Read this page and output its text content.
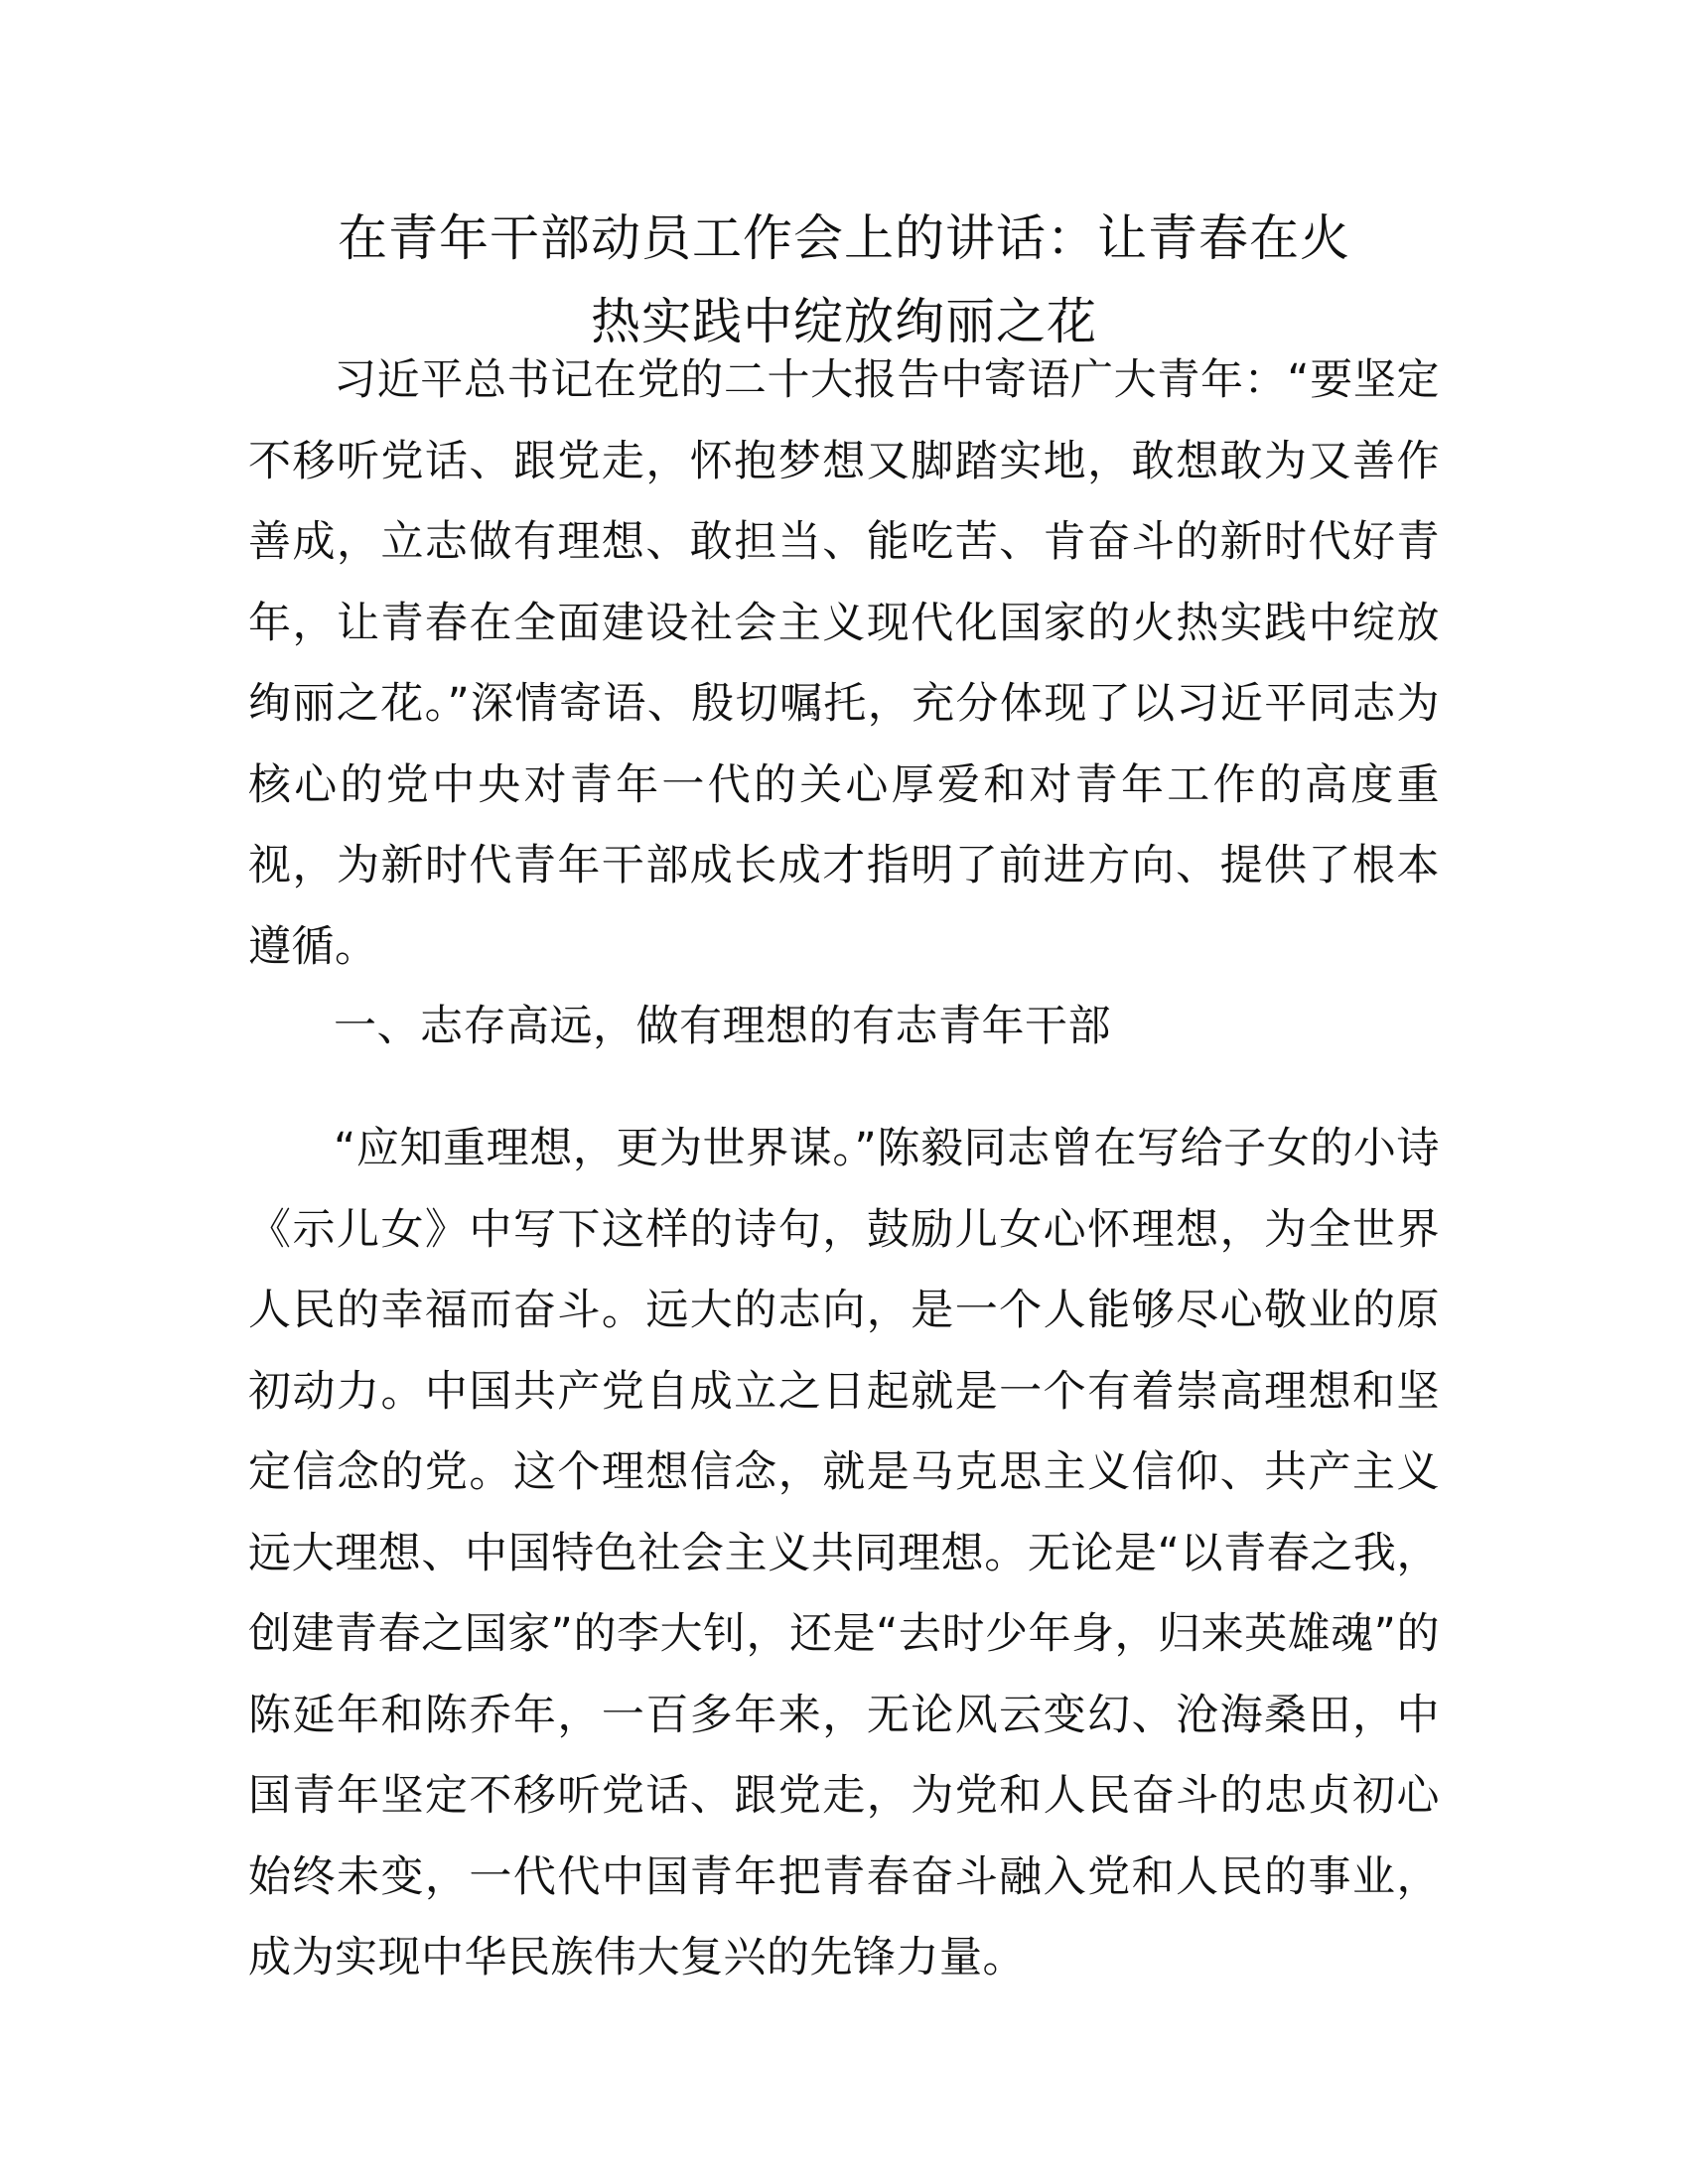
在青年干部动员工作会上的讲话：让青春在火
热实践中绽放绚丽之花

习近平总书记在党的二十大报告中寄语广大青年：“要坚定不移听党话、跟党走，怀抱梦想又脚踏实地，敢想敢为又善作善成，立志做有理想、敢担当、能吃苦、肯奋斗的新时代好青年，让青春在全面建设社会主义现代化国家的火热实践中绽放绚丽之花。”深情寄语、殷切嘱托，充分体现了以习近平同志为核心的党中央对青年一代的关心厚爱和对青年工作的高度重视，为新时代青年干部成长成才指明了前进方向、提供了根本遵循。

一、志存高远，做有理想的有志青年干部

“应知重理想，更为世界谋。”陈毅同志曾在写给子女的小诗《示儿女》中写下这样的诗句，鼓励儿女心怀理想，为全世界人民的幸福而奋斗。远大的志向，是一个人能够尽心敬业的原初动力。中国共产党自成立之日起就是一个有着崇高理想和坚定信念的党。这个理想信念，就是马克思主义信仰、共产主义远大理想、中国特色社会主义共同理想。无论是“以青春之我，创建青春之国家”的李大钊，还是“去时少年身，归来英雄魂”的陈延年和陈乔年，一百多年来，无论风云变幻、沧海桑田，中国青年坚定不移听党话、跟党走，为党和人民奋斗的忠贞初心始终未变，一代代中国青年把青春奋斗融入党和人民的事业，成为实现中华民族伟大复兴的先锋力量。
